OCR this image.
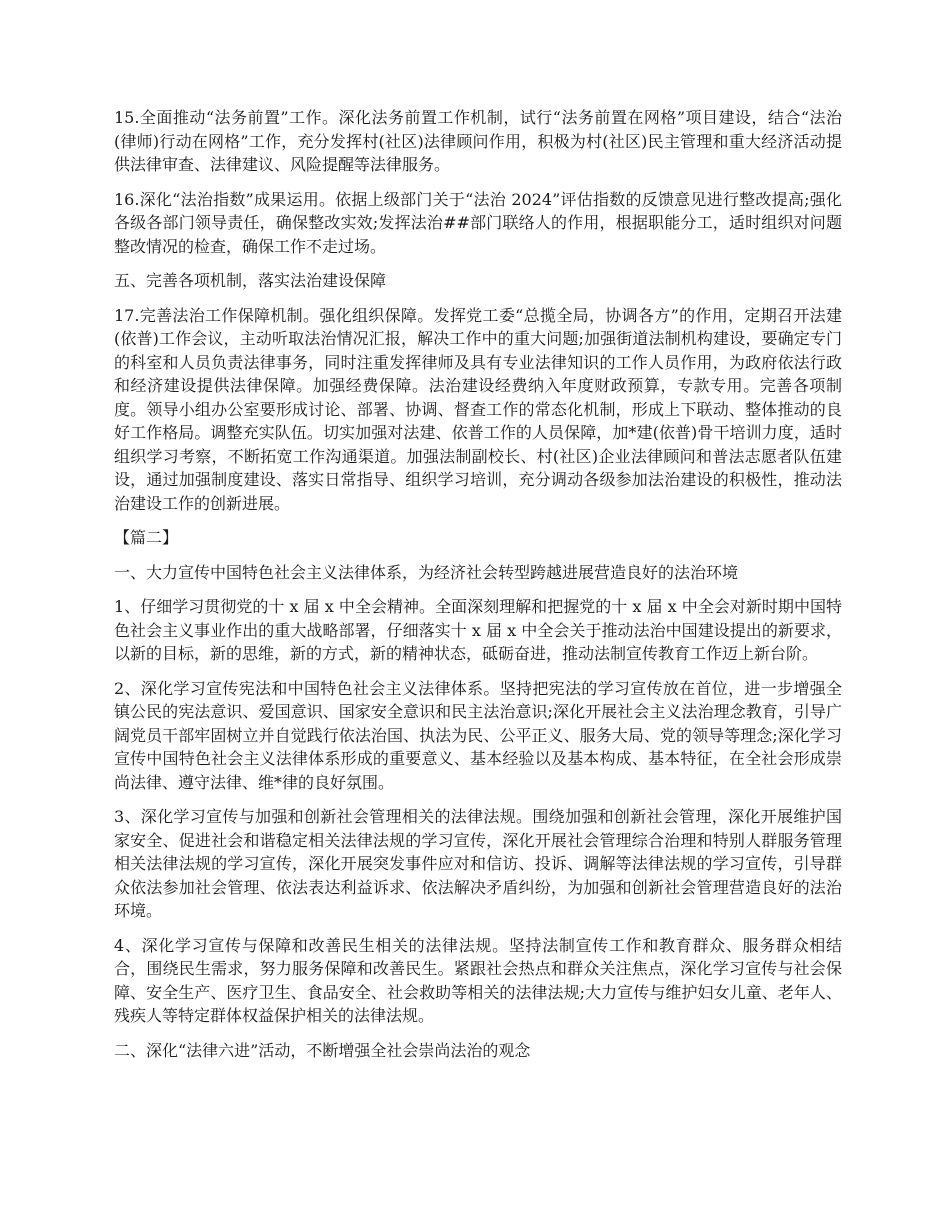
15.全面推动“法务前置”工作。深化法务前置工作机制，试行“法务前置在网格”项目建设，结合“法治(律师)行动在网格”工作，充分发挥村(社区)法律顾问作用，积极为村(社区)民主管理和重大经济活动提供法律审查、法律建议、风险提醒等法律服务。

16.深化“法治指数”成果运用。依据上级部门关于“法治 2024”评估指数的反馈意见进行整改提高;强化各级各部门领导责任，确保整改实效;发挥法治##部门联络人的作用，根据职能分工，适时组织对问题整改情况的检查，确保工作不走过场。

五、完善各项机制，落实法治建设保障

17.完善法治工作保障机制。强化组织保障。发挥党工委“总揽全局，协调各方”的作用，定期召开法建(依普)工作会议，主动听取法治情况汇报，解决工作中的重大问题;加强街道法制机构建设，要确定专门的科室和人员负责法律事务，同时注重发挥律师及具有专业法律知识的工作人员作用，为政府依法行政和经济建设提供法律保障。加强经费保障。法治建设经费纳入年度财政预算，专款专用。完善各项制度。领导小组办公室要形成讨论、部署、协调、督查工作的常态化机制，形成上下联动、整体推动的良好工作格局。调整充实队伍。切实加强对法建、依普工作的人员保障，加*建(依普)骨干培训力度，适时组织学习考察，不断拓宽工作沟通渠道。加强法制副校长、村(社区)企业法律顾问和普法志愿者队伍建设，通过加强制度建设、落实日常指导、组织学习培训，充分调动各级参加法治建设的积极性，推动法治建设工作的创新进展。

【篇二】

一、大力宣传中国特色社会主义法律体系，为经济社会转型跨越进展营造良好的法治环境

1、仔细学习贯彻党的十 x 届 x 中全会精神。全面深刻理解和把握党的十 x 届 x 中全会对新时期中国特色社会主义事业作出的重大战略部署，仔细落实十 x 届 x 中全会关于推动法治中国建设提出的新要求，以新的目标，新的思维，新的方式，新的精神状态，砥砺奋进，推动法制宣传教育工作迈上新台阶。

2、深化学习宣传宪法和中国特色社会主义法律体系。坚持把宪法的学习宣传放在首位，进一步增强全镇公民的宪法意识、爱国意识、国家安全意识和民主法治意识;深化开展社会主义法治理念教育，引导广阔党员干部牢固树立并自觉践行依法治国、执法为民、公平正义、服务大局、党的领导等理念;深化学习宣传中国特色社会主义法律体系形成的重要意义、基本经验以及基本构成、基本特征，在全社会形成崇尚法律、遵守法律、维*律的良好氛围。

3、深化学习宣传与加强和创新社会管理相关的法律法规。围绕加强和创新社会管理，深化开展维护国家安全、促进社会和谐稳定相关法律法规的学习宣传，深化开展社会管理综合治理和特别人群服务管理相关法律法规的学习宣传，深化开展突发事件应对和信访、投诉、调解等法律法规的学习宣传，引导群众依法参加社会管理、依法表达利益诉求、依法解决矛盾纠纷，为加强和创新社会管理营造良好的法治环境。

4、深化学习宣传与保障和改善民生相关的法律法规。坚持法制宣传工作和教育群众、服务群众相结合，围绕民生需求，努力服务保障和改善民生。紧跟社会热点和群众关注焦点，深化学习宣传与社会保障、安全生产、医疗卫生、食品安全、社会救助等相关的法律法规;大力宣传与维护妇女儿童、老年人、残疾人等特定群体权益保护相关的法律法规。

二、深化“法律六进”活动，不断增强全社会崇尚法治的观念
